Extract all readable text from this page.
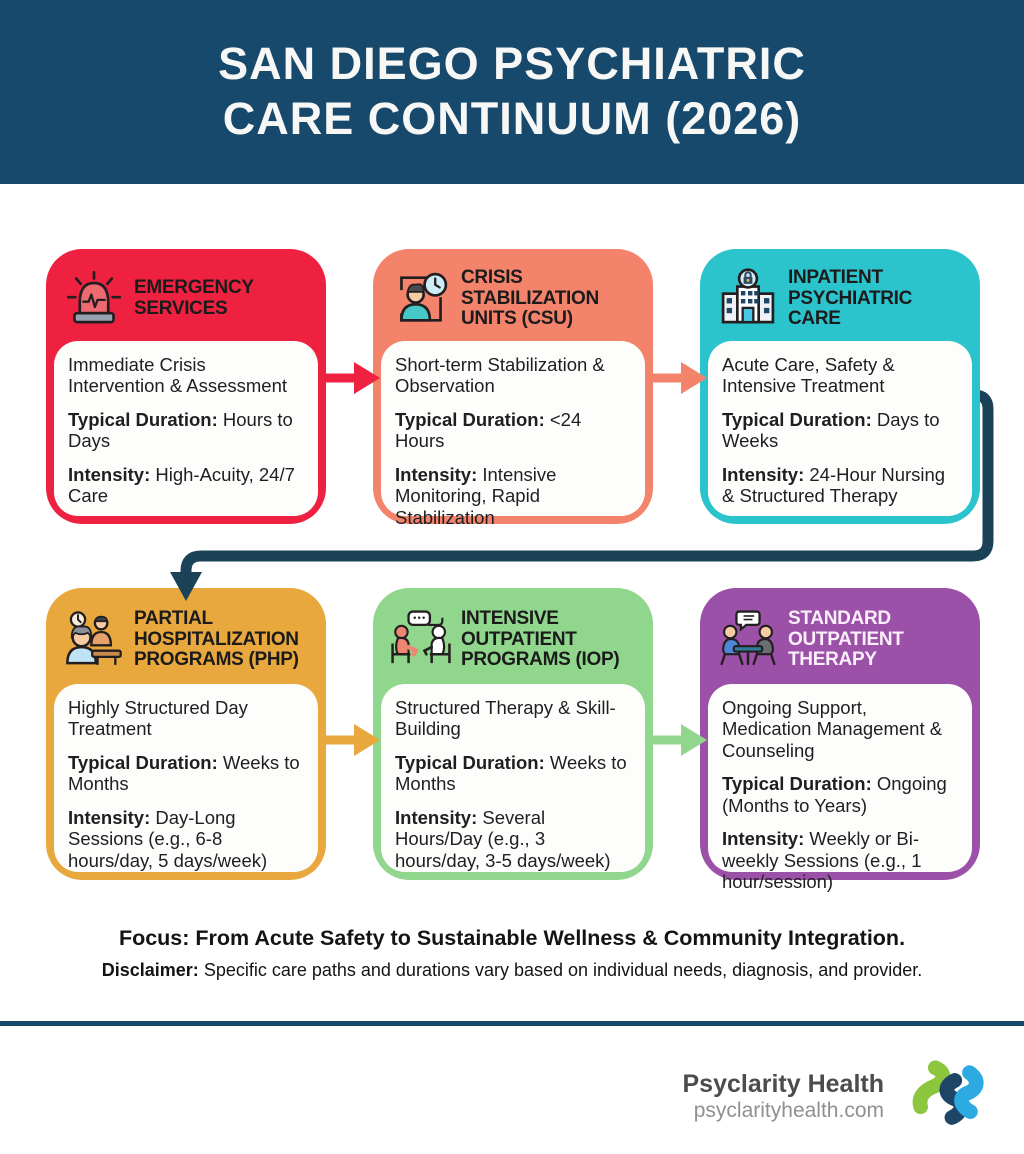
SAN DIEGO PSYCHIATRIC
CARE CONTINUUM (2026)
EMERGENCY SERVICES

Immediate Crisis Intervention & Assessment

Typical Duration: Hours to Days

Intensity: High-Acuity, 24/7 Care

CRISIS STABILIZATION UNITS (CSU)

Short-term Stabilization & Observation

Typical Duration: <24 Hours

Intensity: Intensive Monitoring, Rapid Stabilization

INPATIENT PSYCHIATRIC CARE

Acute Care, Safety & Intensive Treatment

Typical Duration: Days to Weeks

Intensity: 24-Hour Nursing & Structured Therapy

PARTIAL HOSPITALIZATION PROGRAMS (PHP)

Highly Structured Day Treatment

Typical Duration: Weeks to Months

Intensity: Day-Long Sessions (e.g., 6-8 hours/day, 5 days/week)

INTENSIVE OUTPATIENT PROGRAMS (IOP)

Structured Therapy & Skill-Building

Typical Duration: Weeks to Months

Intensity: Several Hours/Day (e.g., 3 hours/day, 3-5 days/week)

STANDARD OUTPATIENT THERAPY

Ongoing Support, Medication Management & Counseling

Typical Duration: Ongoing (Months to Years)

Intensity: Weekly or Bi-weekly Sessions (e.g., 1 hour/session)

Focus: From Acute Safety to Sustainable Wellness & Community Integration.
Disclaimer: Specific care paths and durations vary based on individual needs, diagnosis, and provider.
Psyclarity Health
psyclarityhealth.com
